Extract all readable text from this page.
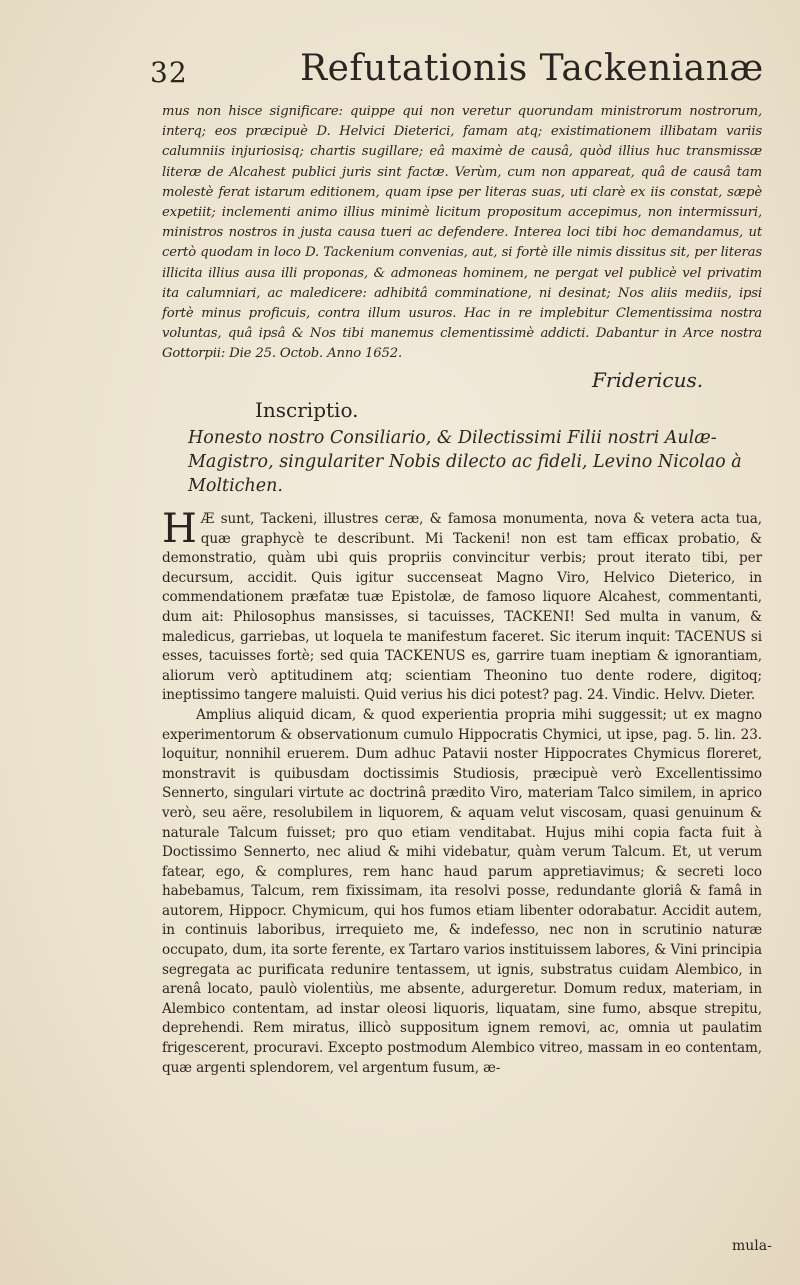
32	Refutationis Tackenianæ
mus non hisce significare: quippe qui non veretur quorundam ministrorum nostrorum, interq; eos præcipuè D. Helvici Dieterici, famam atq; existimationem illibatam variis calumniis injuriosisq; chartis sugillare; eâ maximè de causâ, quòd illius huc transmissæ literæ de Alcahest publici juris sint factæ. Verùm, cum non appareat, quâ de causâ tam molestè ferat istarum editionem, quam ipse per literas suas, uti clarè ex iis constat, sæpè expetiit; inclementi animo illius minimè licitum propositum accepimus, non intermissuri, ministros nostros in justa causa tueri ac defendere. Interea loci tibi hoc demandamus, ut certò quodam in loco D. Tackenium convenias, aut, si fortè ille nimis dissitus sit, per literas illicita illius ausa illi proponas, & admoneas hominem, ne pergat vel publicè vel privatim ita calumniari, ac maledicere: adhibitâ comminatione, ni desinat; Nos aliis mediis, ipsi fortè minus proficuis, contra illum usuros. Hac in re implebitur Clementissima nostra voluntas, quâ ipsâ & Nos tibi manemus clementissimè addicti. Dabantur in Arce nostra Gottorpii: Die 25. Octob. Anno 1652.
Fridericus.
Inscriptio.
Honesto nostro Consiliario, & Dilectissimi Filii nostri Aulæ-Magistro, singulariter Nobis dilecto ac fideli, Levino Nicolao à Moltichen.
H Æ sunt, Tackeni, illustres ceræ, & famosa monumenta, nova & vetera acta tua, quæ graphycè te describunt. Mi Tackeni! non est tam efficax probatio, & demonstratio, quàm ubi quis propriis convincitur verbis; prout iterato tibi, per decursum, accidit. Quis igitur succenseat Magno Viro, Helvico Dieterico, in commendationem præfatæ tuæ Epistolæ, de famoso liquore Alcahest, commentanti, dum ait: Philosophus mansisses, si tacuisses, TACKENI! Sed multa in vanum, & maledicus, garriebas, ut loquela te manifestum faceret. Sic iterum inquit: TACENUS si esses, tacuisses fortè; sed quia TACKENUS es, garrire tuam ineptiam & ignorantiam, aliorum verò aptitudinem atq; scientiam Theonino tuo dente rodere, digitoq; ineptissimo tangere maluisti. Quid verius his dici potest? pag. 24. Vindic. Helvv. Dieter.
Amplius aliquid dicam, & quod experientia propria mihi suggessit; ut ex magno experimentorum & observationum cumulo Hippocratis Chymici, ut ipse, pag. 5. lin. 23. loquitur, nonnihil eruerem. Dum adhuc Patavii noster Hippocrates Chymicus floreret, monstravit is quibusdam doctissimis Studiosis, præcipuè verò Excellentissimo Sennerto, singulari virtute ac doctrinâ prædito Viro, materiam Talco similem, in aprico verò, seu aëre, resolubilem in liquorem, & aquam velut viscosam, quasi genuinum & naturale Talcum fuisset; pro quo etiam venditabat. Hujus mihi copia facta fuit à Doctissimo Sennerto, nec aliud & mihi videbatur, quàm verum Talcum. Et, ut verum fatear, ego, & complures, rem hanc haud parum appretiavimus; & secreti loco habebamus, Talcum, rem fixissimam, ita resolvi posse, redundante gloriâ & famâ in autorem, Hippocr. Chymicum, qui hos fumos etiam libenter odorabatur. Accidit autem, in continuis laboribus, irrequieto me, & indefesso, nec non in scrutinio naturæ occupato, dum, ita sorte ferente, ex Tartaro varios instituissem labores, & Vini principia segregata ac purificata redunire tentassem, ut ignis, substratus cuidam Alembico, in arenâ locato, paulò violentiùs, me absente, adurgeretur. Domum redux, materiam, in Alembico contentam, ad instar oleosi liquoris, liquatam, sine fumo, absque strepitu, deprehendi. Rem miratus, illicò suppositum ignem removi, ac, omnia ut paulatim frigescerent, procuravi. Excepto postmodum Alembico vitreo, massam in eo contentam, quæ argenti splendorem, vel argentum fusum, æ-
mula-
